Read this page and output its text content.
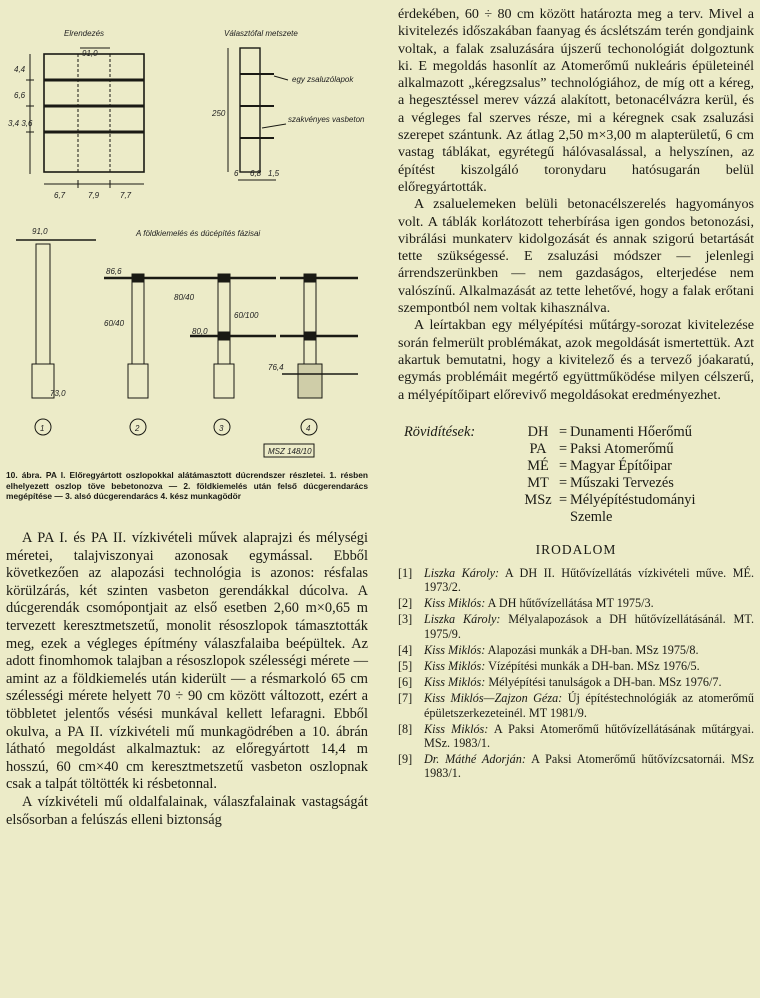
Elrendezés	Választófal metszete
91,0
4,4
6,6
3,4 3,6
250
6,7	7,9	7,7
6 6,8 1,5
egy zsaluzólapok
szakvényes vasbeton
A földkiemelés és dúcépítés fázisai
91,0
86,6
80/40
60/40
60/100
80,0
76,4
73,0
1	2	3	4
MSZ 148/10
10. ábra. PA I. Előregyártott oszlopokkal alátámasztott dúcrendszer részletei. 1. résben elhelyezett oszlop töve bebetonozva — 2. földkiemelés után felső dúcgerendarács megépítése — 3. alsó dúcgerendarács 4. kész munkagödör

A PA I. és PA II. vízkivételi művek alaprajzi és mélységi méretei, talajviszonyai azonosak egymással. Ebből következően az alapozási technológia is azonos: résfalas körülzárás, két szinten vasbeton gerendákkal dúcolva. A dúcgerendák csomópontjait az első esetben 2,60 m×0,65 m tervezett keresztmetszetű, monolit résoszlopok támasztották meg, ezek a végleges építmény válaszfalaiba beépültek. Az adott finomhomok talajban a résoszlopok szélességi mérete — amint az a földkiemelés után kiderült — a résmarkoló 65 cm szélességi mérete helyett 70 ÷ 90 cm között változott, ezért a többletet jelentős vésési munkával kellett lefaragni. Ebből okulva, a PA II. vízkivételi mű munkagödrében a 10. ábrán látható megoldást alkalmaztuk: az előregyártott 14,4 m hosszú, 60 cm×40 cm keresztmetszetű vasbeton oszlopnak csak a talpát töltötték ki résbetonnal.

A vízkivételi mű oldalfalainak, válaszfalainak vastagságát elsősorban a felúszás elleni biztonság

érdekében, 60 ÷ 80 cm között határozta meg a terv. Mivel a kivitelezés időszakában faanyag és ácslétszám terén gondjaink voltak, a falak zsaluzására újszerű techonológiát dolgoztunk ki. E megoldás hasonlít az Atomerőmű nukleáris épületeinél alkalmazott „kéregzsalus” technológiához, de míg ott a kéreg, a hegesztéssel merev vázzá alakított, betonacélvázra kerül, és a végleges fal szerves része, mi a kéregnek csak zsaluzási szerepet szántunk. Az átlag 2,50 m×3,00 m alapterületű, 6 cm vastag táblákat, egyrétegű hálóvasalással, a helyszínen, az építést kiszolgáló toronydaru hatósugarán belül előregyártották.

A zsaluelemeken belüli betonacélszerelés hagyományos volt. A táblák korlátozott teherbírása igen gondos betonozási, vibrálási munkaterv kidolgozását és annak szigorú betartását tette szükségessé. E zsaluzási módszer — jelenlegi árrendszerünkben — nem gazdaságos, elterjedése nem valószínű. Alkalmazását az tette lehetővé, hogy a falak erőtani szempontból nem voltak kihasználva.

A leírtakban egy mélyépítési műtárgy-sorozat kivitelezése során felmerült problémákat, azok megoldását ismertettük. Azt akartuk bemutatni, hogy a kivitelező és a tervező jóakaratú, egymás problémáit megértő együttműködése milyen célszerű, a mélyépítőipart előrevivő megoldásokat eredményezhet.

Rövidítések:	DH	=	Dunamenti Hőerőmű
PA	=	Paksi Atomerőmű
MÉ	=	Magyar Építőipar
MT	=	Műszaki Tervezés
MSz	=	Mélyépítéstudományi Szemle
IRODALOM
[1] Liszka Károly: A DH II. Hűtővízellátás vízkivételi műve. MÉ. 1973/2.
[2] Kiss Miklós: A DH hűtővízellátása MT 1975/3.
[3] Liszka Károly: Mélyalapozások a DH hűtővízellátásánál. MT. 1975/9.
[4] Kiss Miklós: Alapozási munkák a DH-ban. MSz 1975/8.
[5] Kiss Miklós: Vízépítési munkák a DH-ban. MSz 1976/5.
[6] Kiss Miklós: Mélyépítési tanulságok a DH-ban. MSz 1976/7.
[7] Kiss Miklós—Zajzon Géza: Új építéstechnológiák az atomerőmű épületszerkezeteinél. MT 1981/9.
[8] Kiss Miklós: A Paksi Atomerőmű hűtővízellátásának műtárgyai. MSz. 1983/1.
[9] Dr. Máthé Adorján: A Paksi Atomerőmű hűtővízcsatornái. MSz 1983/1.
